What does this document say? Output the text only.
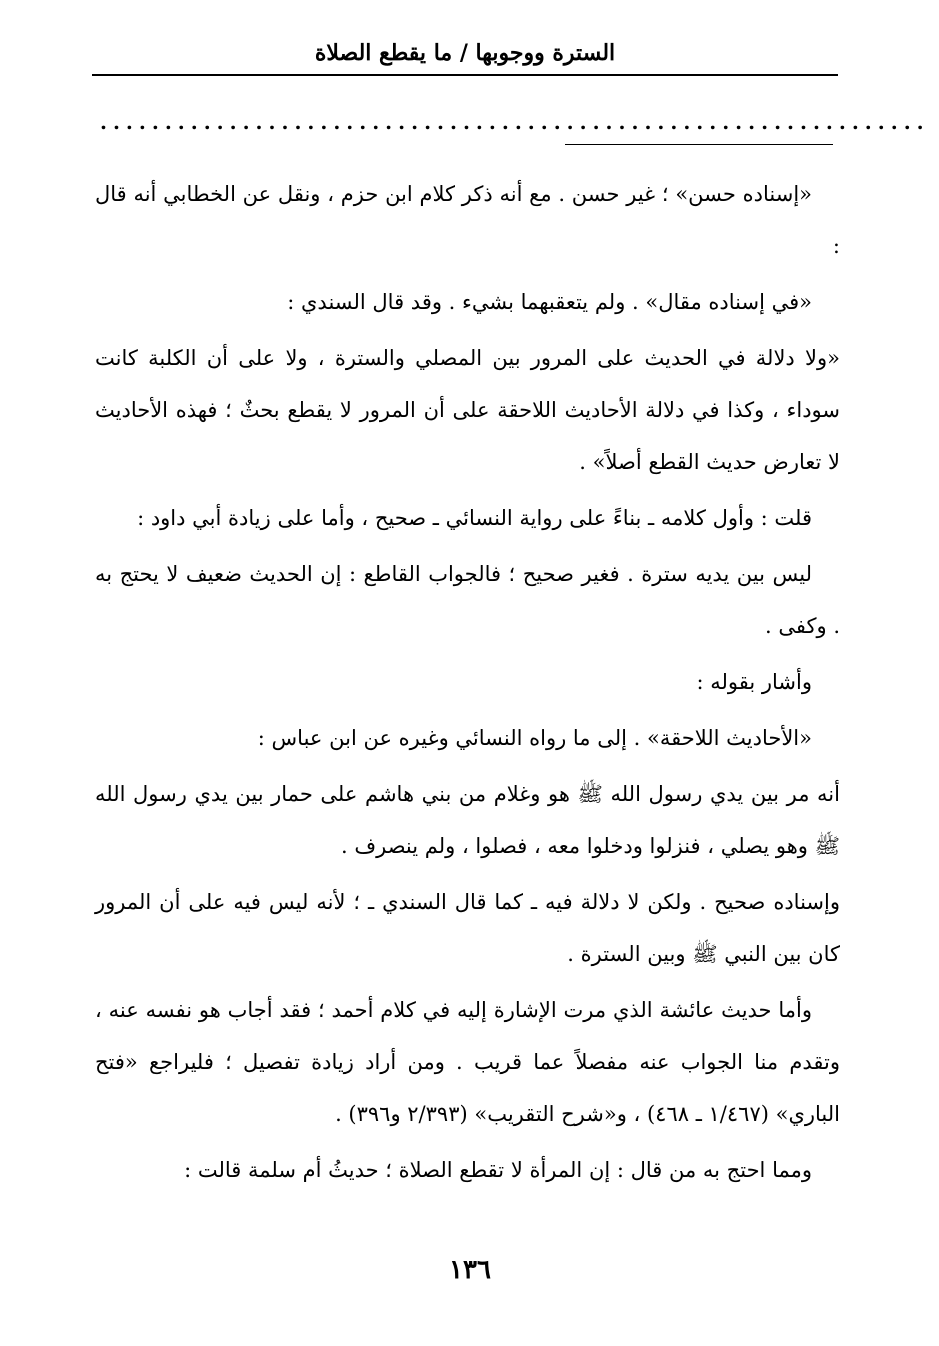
السترة ووجوبها / ما يقطع الصلاة
................................................................

«إسناده حسن» ؛ غير حسن . مع أنه ذكر كلام ابن حزم ، ونقل عن الخطابي أنه قال :

«في إسناده مقال» . ولم يتعقبهما بشيء . وقد قال السندي :

«ولا دلالة في الحديث على المرور بين المصلي والسترة ، ولا على أن الكلبة كانت سوداء ، وكذا في دلالة الأحاديث اللاحقة على أن المرور لا يقطع بحثٌ ؛ فهذه الأحاديث لا تعارض حديث القطع أصلاً» .

قلت : وأول كلامه ـ بناءً على رواية النسائي ـ صحيح ، وأما على زيادة أبي داود :

ليس بين يديه سترة . فغير صحيح ؛ فالجواب القاطع : إن الحديث ضعيف لا يحتج به . وكفى .

وأشار بقوله :

«الأحاديث اللاحقة» . إلى ما رواه النسائي وغيره عن ابن عباس :

أنه مر بين يدي رسول الله ﷺ هو وغلام من بني هاشم على حمار بين يدي رسول الله ﷺ وهو يصلي ، فنزلوا ودخلوا معه ، فصلوا ، ولم ينصرف .

وإسناده صحيح . ولكن لا دلالة فيه ـ كما قال السندي ـ ؛ لأنه ليس فيه على أن المرور كان بين النبي ﷺ وبين السترة .

وأما حديث عائشة الذي مرت الإشارة إليه في كلام أحمد ؛ فقد أجاب هو نفسه عنه ، وتقدم منا الجواب عنه مفصلاً عما قريب . ومن أراد زيادة تفصيل ؛ فليراجع «فتح الباري» (١/٤٦٧ ـ ٤٦٨) ، و«شرح التقريب» (٢/٣٩٣ و٣٩٦) .

ومما احتج به من قال : إن المرأة لا تقطع الصلاة ؛ حديثُ أم سلمة قالت :

١٣٦
